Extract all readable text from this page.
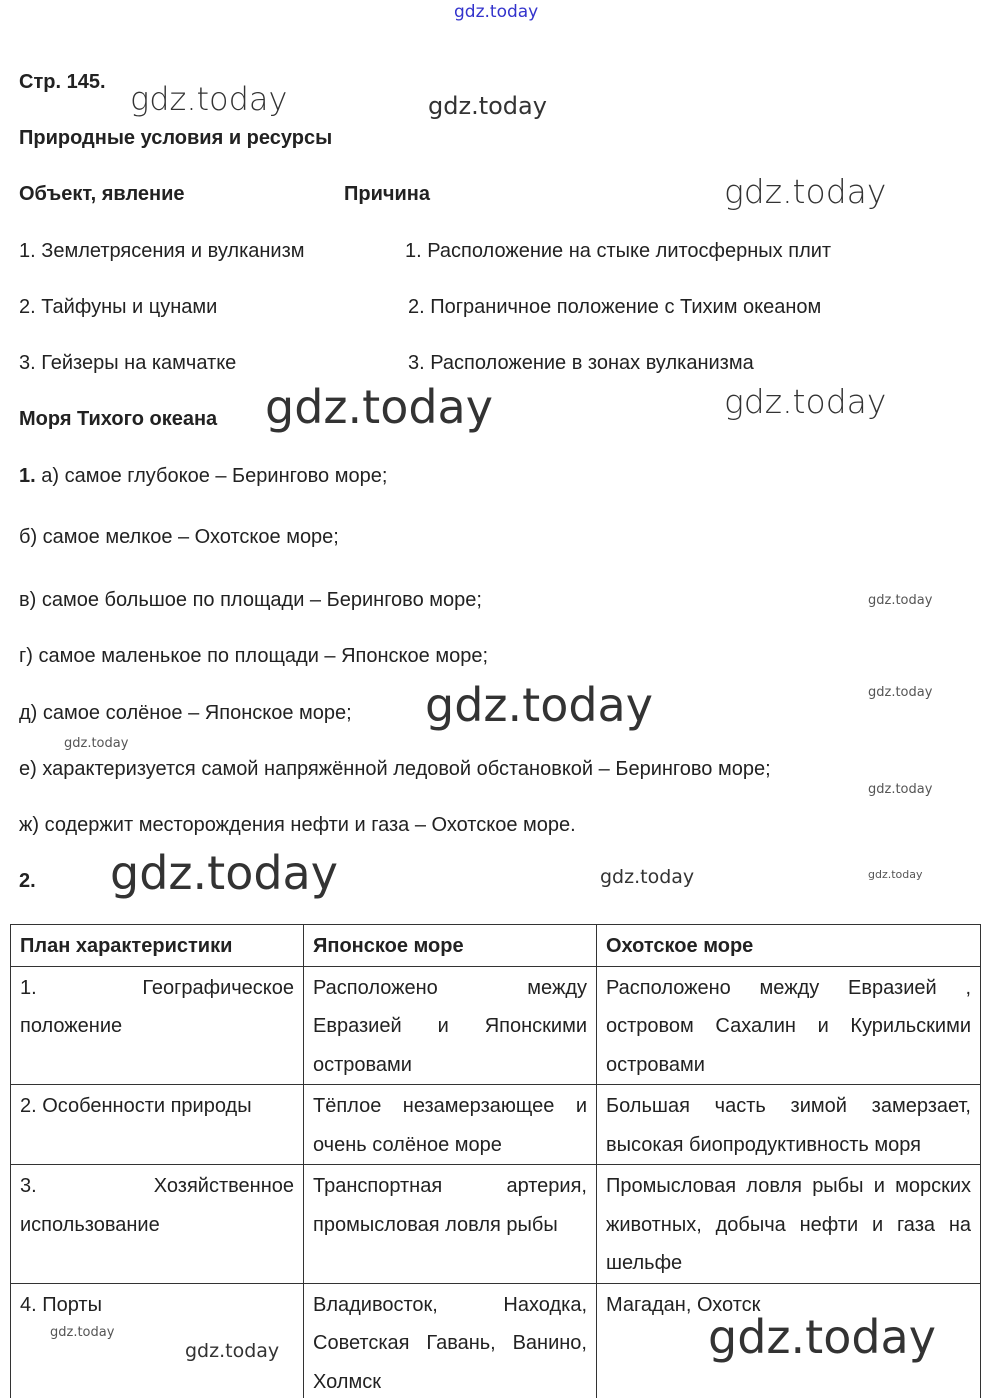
gdz.today
Стр. 145. gdz.today	gdz.today
Природные условия и ресурсы
Объект, явление	Причина	gdz.today
1. Землетрясения и вулканизм	1. Расположение на стыке литосферных плит
2. Тайфуны и цунами	2. Пограничное положение с Тихим океаном
3. Гейзеры на камчатке	3. Расположение в зонах вулканизма
Моря Тихого океана gdz.today	gdz.today
1. а) самое глубокое – Берингово море;
б) самое мелкое – Охотское море;
в) самое большое по площади – Берингово море;
г) самое маленькое по площади – Японское море;
д) самое солёное – Японское море;
е) характеризуется самой напряжённой ледовой обстановкой – Берингово море;
ж) содержит месторождения нефти и газа – Охотское море.
2.
gdz.today
gdz.today
gdz.today
gdz.today
gdz.today
gdz.today
План характеристики	Японское море	Охотское море
1. Географическое положение	Расположено между Евразией и Японскими островами	Расположено между Евразией , островом Сахалин и Курильскими островами
2. Особенности природы	Тёплое незамерзающее и очень солёное море	Большая часть зимой замерзает, высокая биопродуктивность моря
3. Хозяйственное использование	Транспортная артерия, промысловая ловля рыбы	Промысловая ловля рыбы и морских животных, добыча нефти и газа на шельфе
4. Порты	Владивосток, Находка, Советская Гавань, Ванино, Холмск	Магадан, Охотск
gdz.today	gdz.today
gdz.today
gdz.today
gdz.today
